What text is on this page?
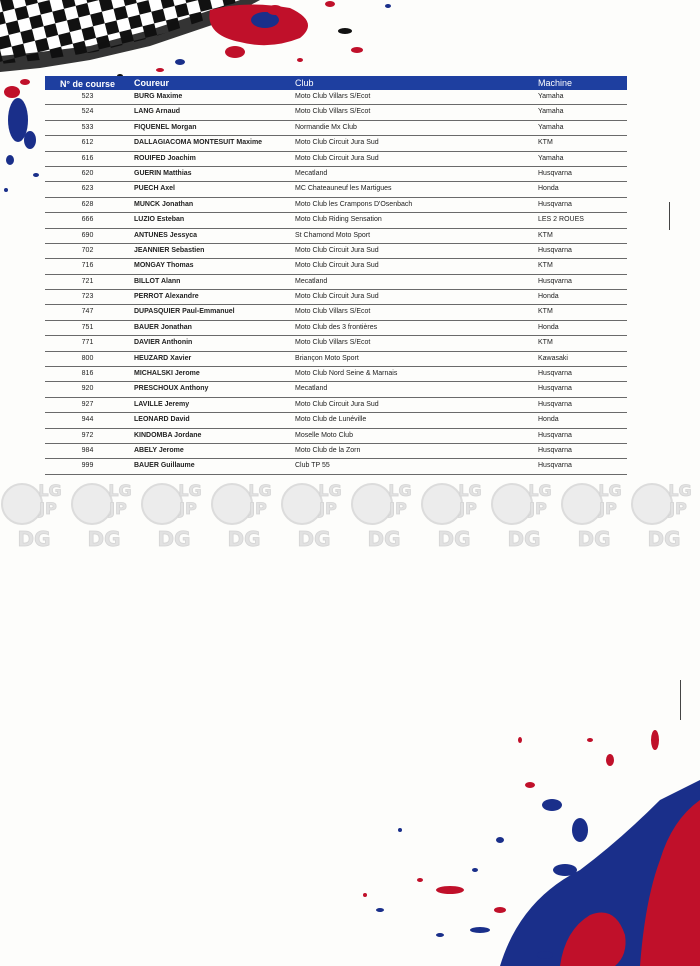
N° de course	Coureur	Club	Machine
523	BURG Maxime	Moto Club Villars S/Ecot	Yamaha
524	LANG Arnaud	Moto Club Villars S/Ecot	Yamaha
533	FIQUENEL Morgan	Normandie Mx Club	Yamaha
612	DALLAGIACOMA MONTESUIT Maxime	Moto Club Circuit Jura Sud	KTM
616	ROUIFED Joachim	Moto Club Circuit Jura Sud	Yamaha
620	GUERIN Matthias	Mecatland	Husqvarna
623	PUECH Axel	MC Chateauneuf les Martigues	Honda
628	MUNCK Jonathan	Moto Club les Crampons D'Osenbach	Husqvarna
666	LUZIO Esteban	Moto Club Riding Sensation	LES 2 ROUES
690	ANTUNES Jessyca	St Chamond Moto Sport	KTM
702	JEANNIER Sebastien	Moto Club Circuit Jura Sud	Husqvarna
716	MONGAY Thomas	Moto Club Circuit Jura Sud	KTM
721	BILLOT Alann	Mecatland	Husqvarna
723	PERROT Alexandre	Moto Club Circuit Jura Sud	Honda
747	DUPASQUIER Paul-Emmanuel	Moto Club Villars S/Ecot	KTM
751	BAUER Jonathan	Moto Club des 3 frontières	Honda
771	DAVIER Anthonin	Moto Club Villars S/Ecot	KTM
800	HEUZARD Xavier	Briançon Moto Sport	Kawasaki
816	MICHALSKI Jerome	Moto Club Nord Seine & Marnais	Husqvarna
920	PRESCHOUX Anthony	Mecatland	Husqvarna
927	LAVILLE Jeremy	Moto Club Circuit Jura Sud	Husqvarna
944	LEONARD David	Moto Club de Lunéville	Honda
972	KINDOMBA Jordane	Moselle Moto Club	Husqvarna
984	ABELY Jerome	Moto Club de la Zorn	Husqvarna
999	BAUER Guillaume	Club TP 55	Husqvarna
LG
JP
DG
LG
JP
DG
LG
JP
DG
LG
JP
DG
LG
JP
DG
LG
JP
DG
LG
JP
DG
LG
JP
DG
LG
JP
DG
LG
JP
DG
